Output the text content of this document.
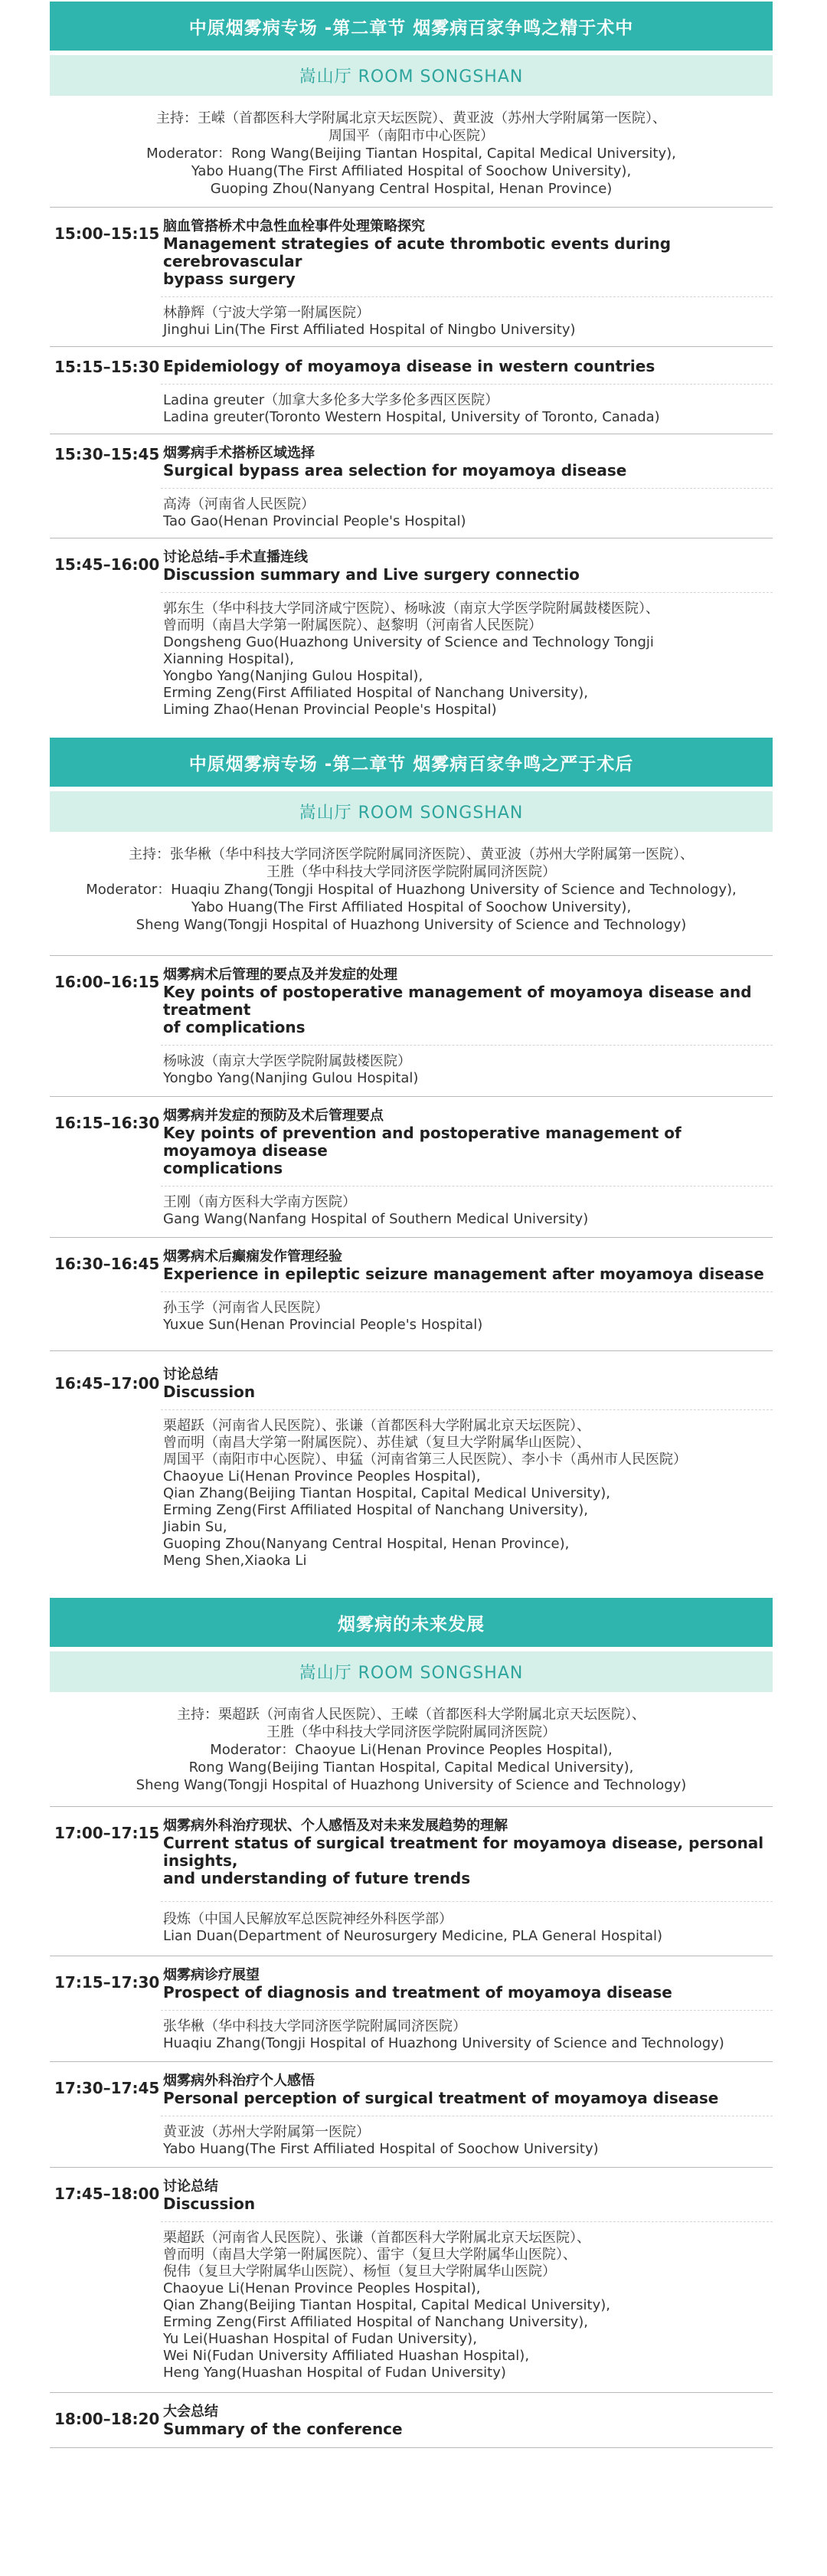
中原烟雾病专场 -第二章节 烟雾病百家争鸣之精于术中
嵩山厅 ROOM SONGSHAN
主持：王嵘（首都医科大学附属北京天坛医院）、黄亚波（苏州大学附属第一医院）、
周国平（南阳市中心医院）
Moderator：Rong Wang(Beijing Tiantan Hospital, Capital Medical University),
Yabo Huang(The First Affiliated Hospital of Soochow University),
Guoping Zhou(Nanyang Central Hospital, Henan Province)
15:00–15:15 脑血管搭桥术中急性血栓事件处理策略探究
Management strategies of acute thrombotic events during cerebrovascular
bypass surgery
林静辉（宁波大学第一附属医院）
Jinghui Lin(The First Affiliated Hospital of Ningbo University)
15:15–15:30 Epidemiology of moyamoya disease in western countries
Ladina greuter（加拿大多伦多大学多伦多西区医院）
Ladina greuter(Toronto Western Hospital, University of Toronto, Canada)
15:30–15:45 烟雾病手术搭桥区域选择
Surgical bypass area selection for moyamoya disease
高涛（河南省人民医院）
Tao Gao(Henan Provincial People's Hospital)
15:45–16:00 讨论总结–手术直播连线
Discussion summary and Live surgery connectio
郭东生（华中科技大学同济咸宁医院）、杨咏波（南京大学医学院附属鼓楼医院）、
曾而明（南昌大学第一附属医院）、赵黎明（河南省人民医院）
Dongsheng Guo(Huazhong University of Science and Technology Tongji
Xianning Hospital),
Yongbo Yang(Nanjing Gulou Hospital),
Erming Zeng(First Affiliated Hospital of Nanchang University),
Liming Zhao(Henan Provincial People's Hospital)
中原烟雾病专场 -第二章节 烟雾病百家争鸣之严于术后
嵩山厅 ROOM SONGSHAN
主持：张华楸（华中科技大学同济医学院附属同济医院）、黄亚波（苏州大学附属第一医院）、
王胜（华中科技大学同济医学院附属同济医院）
Moderator：Huaqiu Zhang(Tongji Hospital of Huazhong University of Science and Technology),
Yabo Huang(The First Affiliated Hospital of Soochow University),
Sheng Wang(Tongji Hospital of Huazhong University of Science and Technology)
16:00–16:15 烟雾病术后管理的要点及并发症的处理
Key points of postoperative management of moyamoya disease and treatment
of complications
杨咏波（南京大学医学院附属鼓楼医院）
Yongbo Yang(Nanjing Gulou Hospital)
16:15–16:30 烟雾病并发症的预防及术后管理要点
Key points of prevention and postoperative management of moyamoya disease
complications
王刚（南方医科大学南方医院）
Gang Wang(Nanfang Hospital of Southern Medical University)
16:30–16:45 烟雾病术后癫痫发作管理经验
Experience in epileptic seizure management after moyamoya disease
孙玉学（河南省人民医院）
Yuxue Sun(Henan Provincial People's Hospital)
16:45–17:00 讨论总结
Discussion
栗超跃（河南省人民医院）、张谦（首都医科大学附属北京天坛医院）、
曾而明（南昌大学第一附属医院）、苏佳斌（复旦大学附属华山医院）、
周国平（南阳市中心医院）、申猛（河南省第三人民医院）、李小卡（禹州市人民医院）
Chaoyue Li(Henan Province Peoples Hospital),
Qian Zhang(Beijing Tiantan Hospital, Capital Medical University),
Erming Zeng(First Affiliated Hospital of Nanchang University),
Jiabin Su,
Guoping Zhou(Nanyang Central Hospital, Henan Province),
Meng Shen,Xiaoka Li
烟雾病的未来发展
嵩山厅 ROOM SONGSHAN
主持：栗超跃（河南省人民医院）、王嵘（首都医科大学附属北京天坛医院）、
王胜（华中科技大学同济医学院附属同济医院）
Moderator：Chaoyue Li(Henan Province Peoples Hospital),
Rong Wang(Beijing Tiantan Hospital, Capital Medical University),
Sheng Wang(Tongji Hospital of Huazhong University of Science and Technology)
17:00–17:15 烟雾病外科治疗现状、个人感悟及对未来发展趋势的理解
Current status of surgical treatment for moyamoya disease, personal insights,
and understanding of future trends
段炼（中国人民解放军总医院神经外科医学部）
Lian Duan(Department of Neurosurgery Medicine, PLA General Hospital)
17:15–17:30 烟雾病诊疗展望
Prospect of diagnosis and treatment of moyamoya disease
张华楸（华中科技大学同济医学院附属同济医院）
Huaqiu Zhang(Tongji Hospital of Huazhong University of Science and Technology)
17:30–17:45 烟雾病外科治疗个人感悟
Personal perception of surgical treatment of moyamoya disease
黄亚波（苏州大学附属第一医院）
Yabo Huang(The First Affiliated Hospital of Soochow University)
17:45–18:00 讨论总结
Discussion
栗超跃（河南省人民医院）、张谦（首都医科大学附属北京天坛医院）、
曾而明（南昌大学第一附属医院）、雷宇（复旦大学附属华山医院）、
倪伟（复旦大学附属华山医院）、杨恒（复旦大学附属华山医院）
Chaoyue Li(Henan Province Peoples Hospital),
Qian Zhang(Beijing Tiantan Hospital, Capital Medical University),
Erming Zeng(First Affiliated Hospital of Nanchang University),
Yu Lei(Huashan Hospital of Fudan University),
Wei Ni(Fudan University Affiliated Huashan Hospital),
Heng Yang(Huashan Hospital of Fudan University)
18:00–18:20 大会总结
Summary of the conference
